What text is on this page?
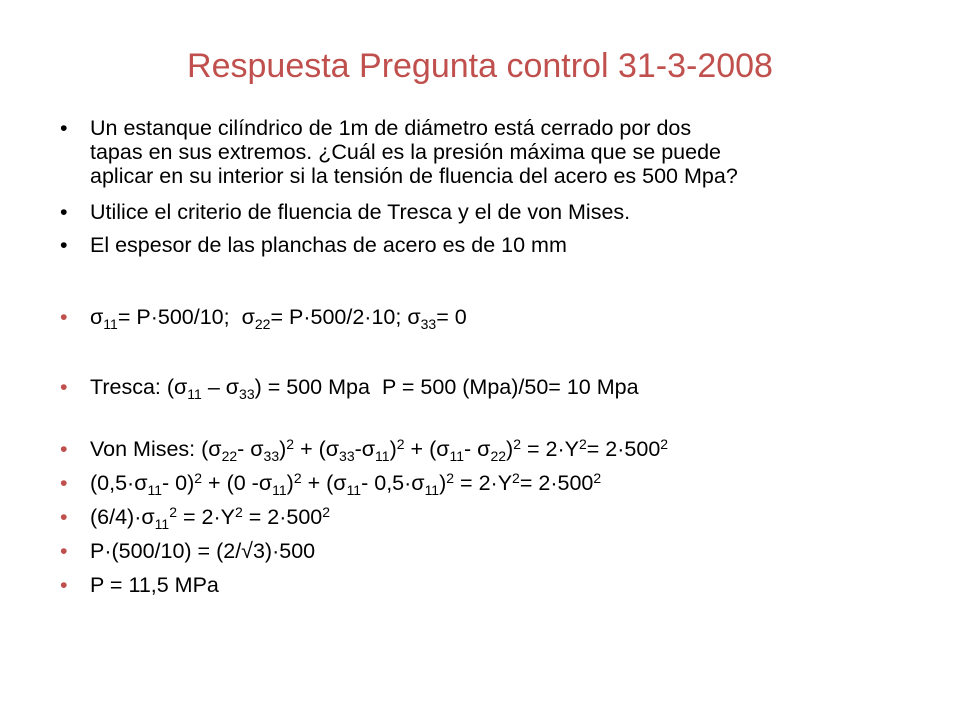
Respuesta Pregunta control 31-3-2008
• Un estanque cilíndrico de 1m de diámetro está cerrado por dos
tapas en sus extremos. ¿Cuál es la presión máxima que se puede
aplicar en su interior si la tensión de fluencia del acero es 500 Mpa?
• Utilice el criterio de fluencia de Tresca y el de von Mises.
• El espesor de las planchas de acero es de 10 mm
• $\sigma_{11}= P\cdot 500/10$; $\sigma_{22}= P\cdot 500/2\cdot 10$; $\sigma_{33}= 0$
• Tresca: $(\sigma_{11} - \sigma_{33}) = 500$ Mpa P = 500 (Mpa)/50= 10 Mpa
• Von Mises: ($\sigma_{22}-$ $\sigma_{33})^2 + (\sigma_{33}-\sigma_{11})^2 + (\sigma_{11}-$ $\sigma_{22})^2 = 2\cdot Y^2= 2\cdot 500^2$
• ($0,5\cdot\sigma_{11}-$ 0)$^2$ + (0 $-\sigma_{11})^2 + (\sigma_{11}-$ $0,5\cdot\sigma_{11})^2 = 2\cdot Y^2= 2\cdot 500^2$
• $(6/4)\cdot\sigma_{11}^2 = 2\cdot Y^2 = 2\cdot 500^2$
• P·(500/10) = (2/√3)·500
• P = 11,5 MPa
